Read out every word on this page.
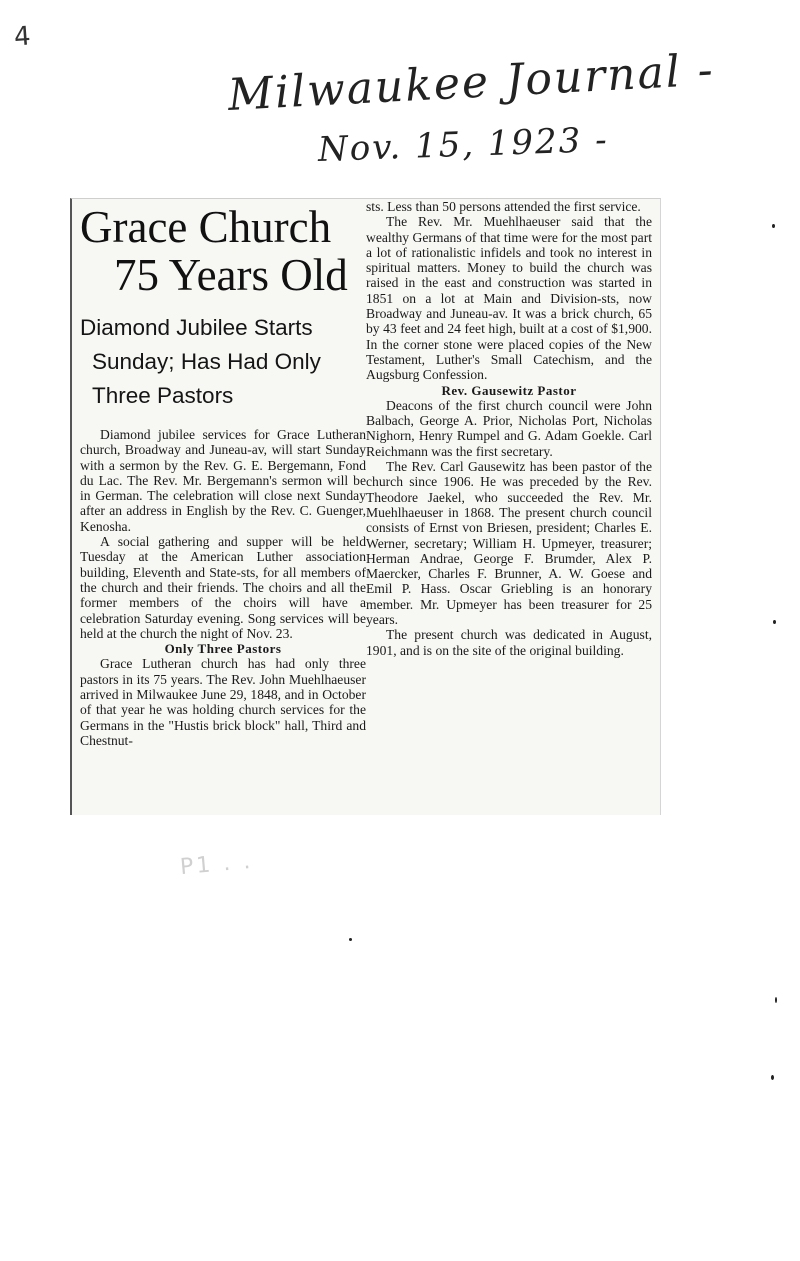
4
Milwaukee Journal -
Nov. 15, 1923 -
Grace Church
75 Years Old
Diamond Jubilee Starts
Sunday; Has Had Only
Three Pastors

Diamond jubilee services for Grace Lutheran church, Broadway and Juneau-av, will start Sunday with a sermon by the Rev. G. E. Bergemann, Fond du Lac. The Rev. Mr. Bergemann's sermon will be in German. The celebration will close next Sunday after an address in English by the Rev. C. Guenger, Kenosha.

A social gathering and supper will be held Tuesday at the American Luther association building, Eleventh and State-sts, for all members of the church and their friends. The choirs and all the former members of the choirs will have a celebration Saturday evening. Song services will be held at the church the night of Nov. 23.

Only Three Pastors

Grace Lutheran church has had only three pastors in its 75 years. The Rev. John Muehlhaeuser arrived in Milwaukee June 29, 1848, and in October of that year he was holding church services for the Germans in the "Hustis brick block" hall, Third and Chestnut-

sts. Less than 50 persons attended the first service.

The Rev. Mr. Muehlhaeuser said that the wealthy Germans of that time were for the most part a lot of rationalistic infidels and took no interest in spiritual matters. Money to build the church was raised in the east and construction was started in 1851 on a lot at Main and Division-sts, now Broadway and Juneau-av. It was a brick church, 65 by 43 feet and 24 feet high, built at a cost of $1,900. In the corner stone were placed copies of the New Testament, Luther's Small Catechism, and the Augsburg Confession.

Rev. Gausewitz Pastor

Deacons of the first church council were John Balbach, George A. Prior, Nicholas Port, Nicholas Nighorn, Henry Rumpel and G. Adam Goekle. Carl Reichmann was the first secretary.

The Rev. Carl Gausewitz has been pastor of the church since 1906. He was preceded by the Rev. Theodore Jaekel, who succeeded the Rev. Mr. Muehlhaeuser in 1868. The present church council consists of Ernst von Briesen, president; Charles E. Werner, secretary; William H. Upmeyer, treasurer; Herman Andrae, George F. Brumder, Alex P. Maercker, Charles F. Brunner, A. W. Goese and Emil P. Hass. Oscar Griebling is an honorary member. Mr. Upmeyer has been treasurer for 25 years.

The present church was dedicated in August, 1901, and is on the site of the original building.

P1 . .
